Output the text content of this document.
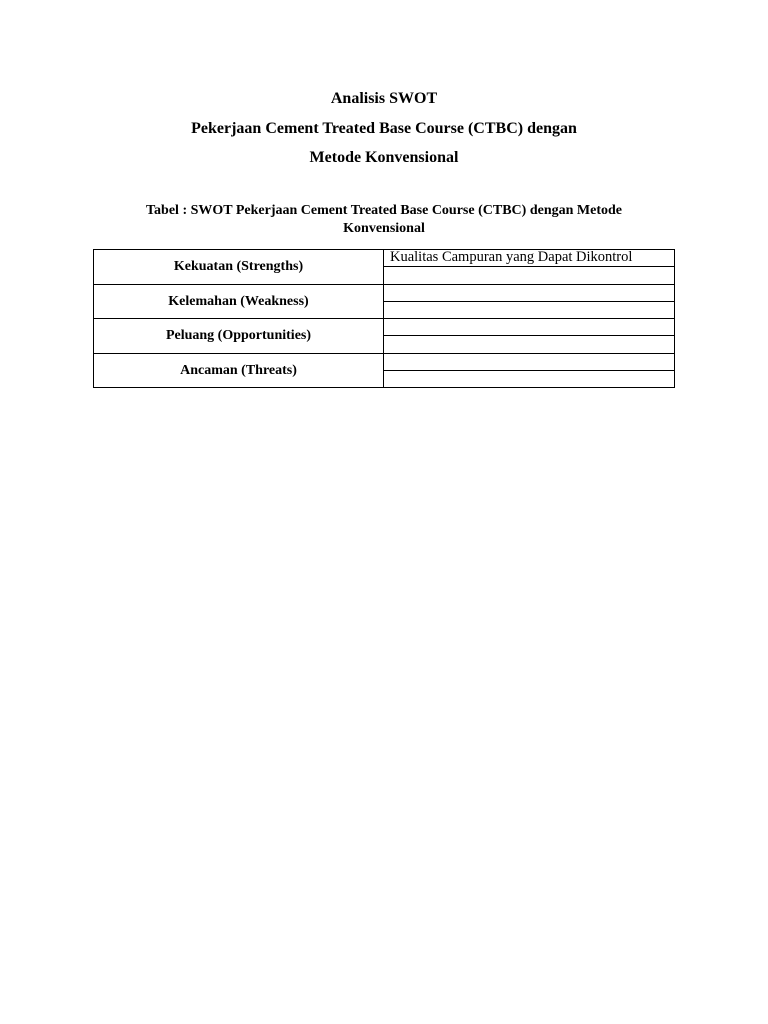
Analisis SWOT
Pekerjaan Cement Treated Base Course (CTBC) dengan
Metode Konvensional
Tabel : SWOT Pekerjaan Cement Treated Base Course (CTBC) dengan Metode Konvensional
Kekuatan (Strengths)	Kualitas Campuran yang Dapat Dikontrol

Kelemahan (Weakness)	

Peluang (Opportunities)	

Ancaman (Threats)	
